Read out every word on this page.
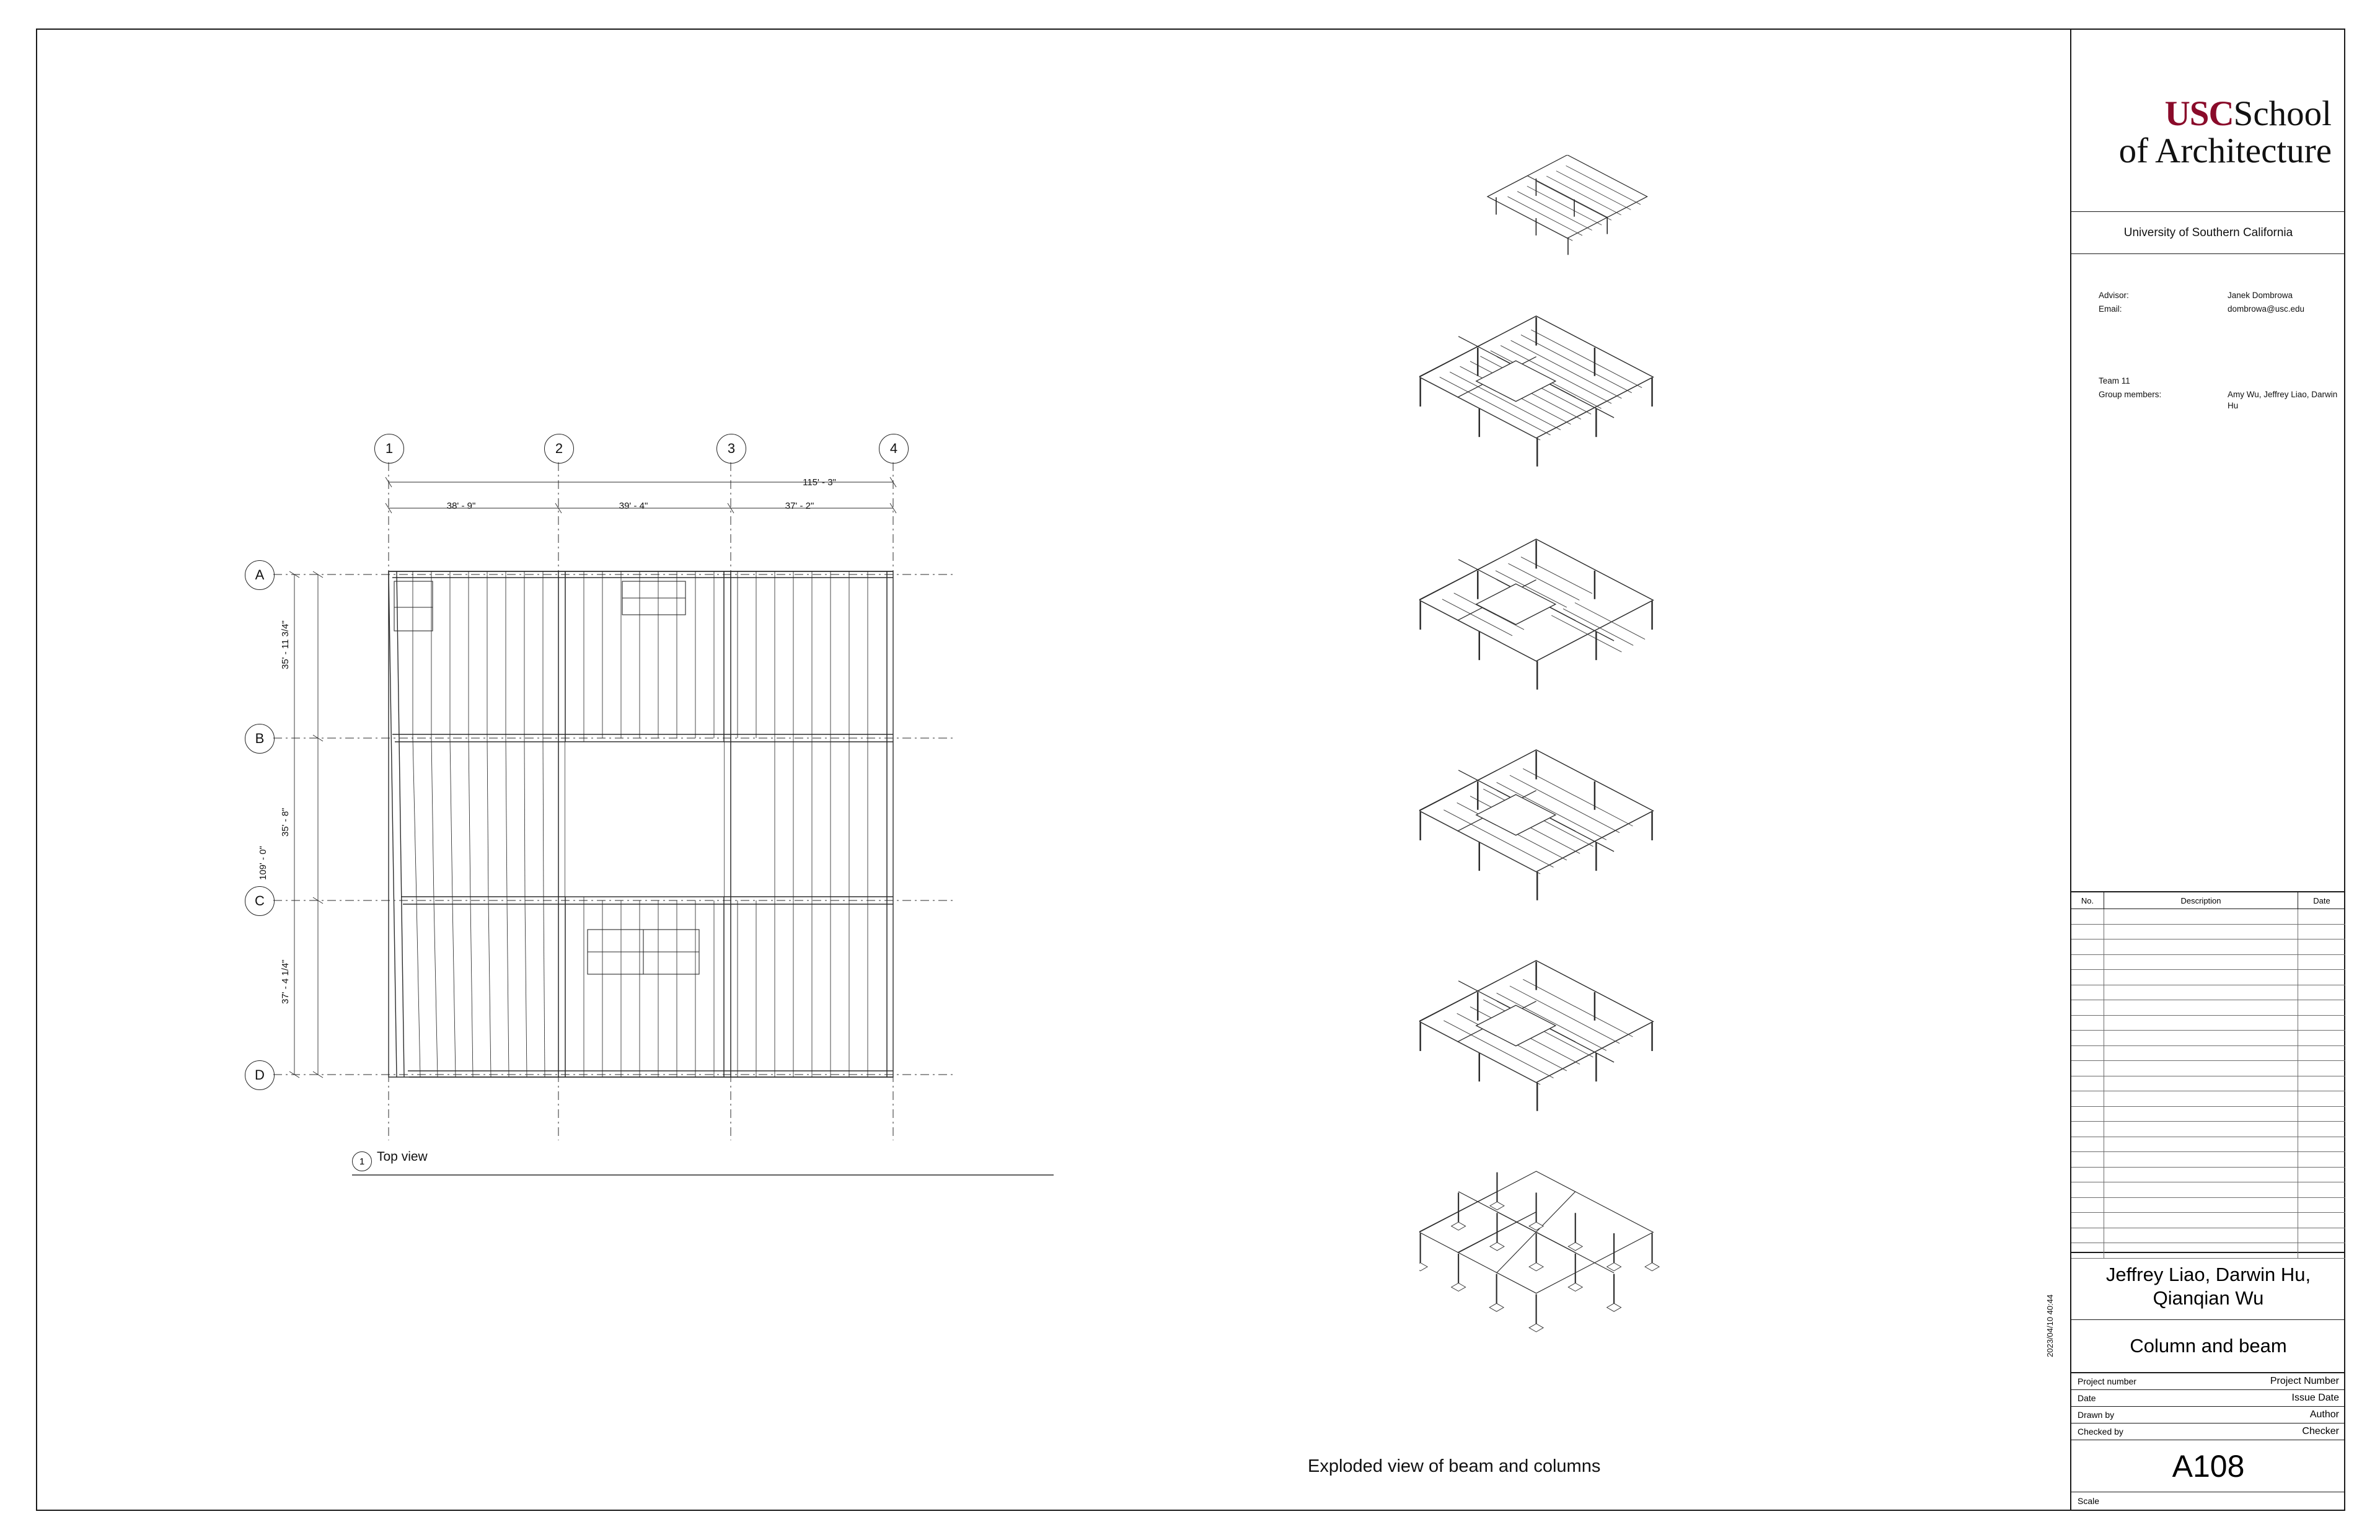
1	2	3	4
A
B
C
D
115' - 3"
38' - 9"	39' - 4"	37' - 2"
35' - 11 3/4"
35' - 8"
37' - 4 1/4"
109' - 0"
1 Top view
Exploded view of beam and columns
USCSchool
of Architecture
University of Southern California
Advisor:	Janek Dombrowa
Email:	dombrowa@usc.edu
Team 11
Group members:	Amy Wu, Jeffrey Liao, Darwin Hu
No.	Description	Date
Jeffrey Liao, Darwin Hu, Qianqian Wu
Column and beam
Project number	Project Number
Date	Issue Date
Drawn by	Author
Checked by	Checker
A108
Scale
2023/04/10 40:44
